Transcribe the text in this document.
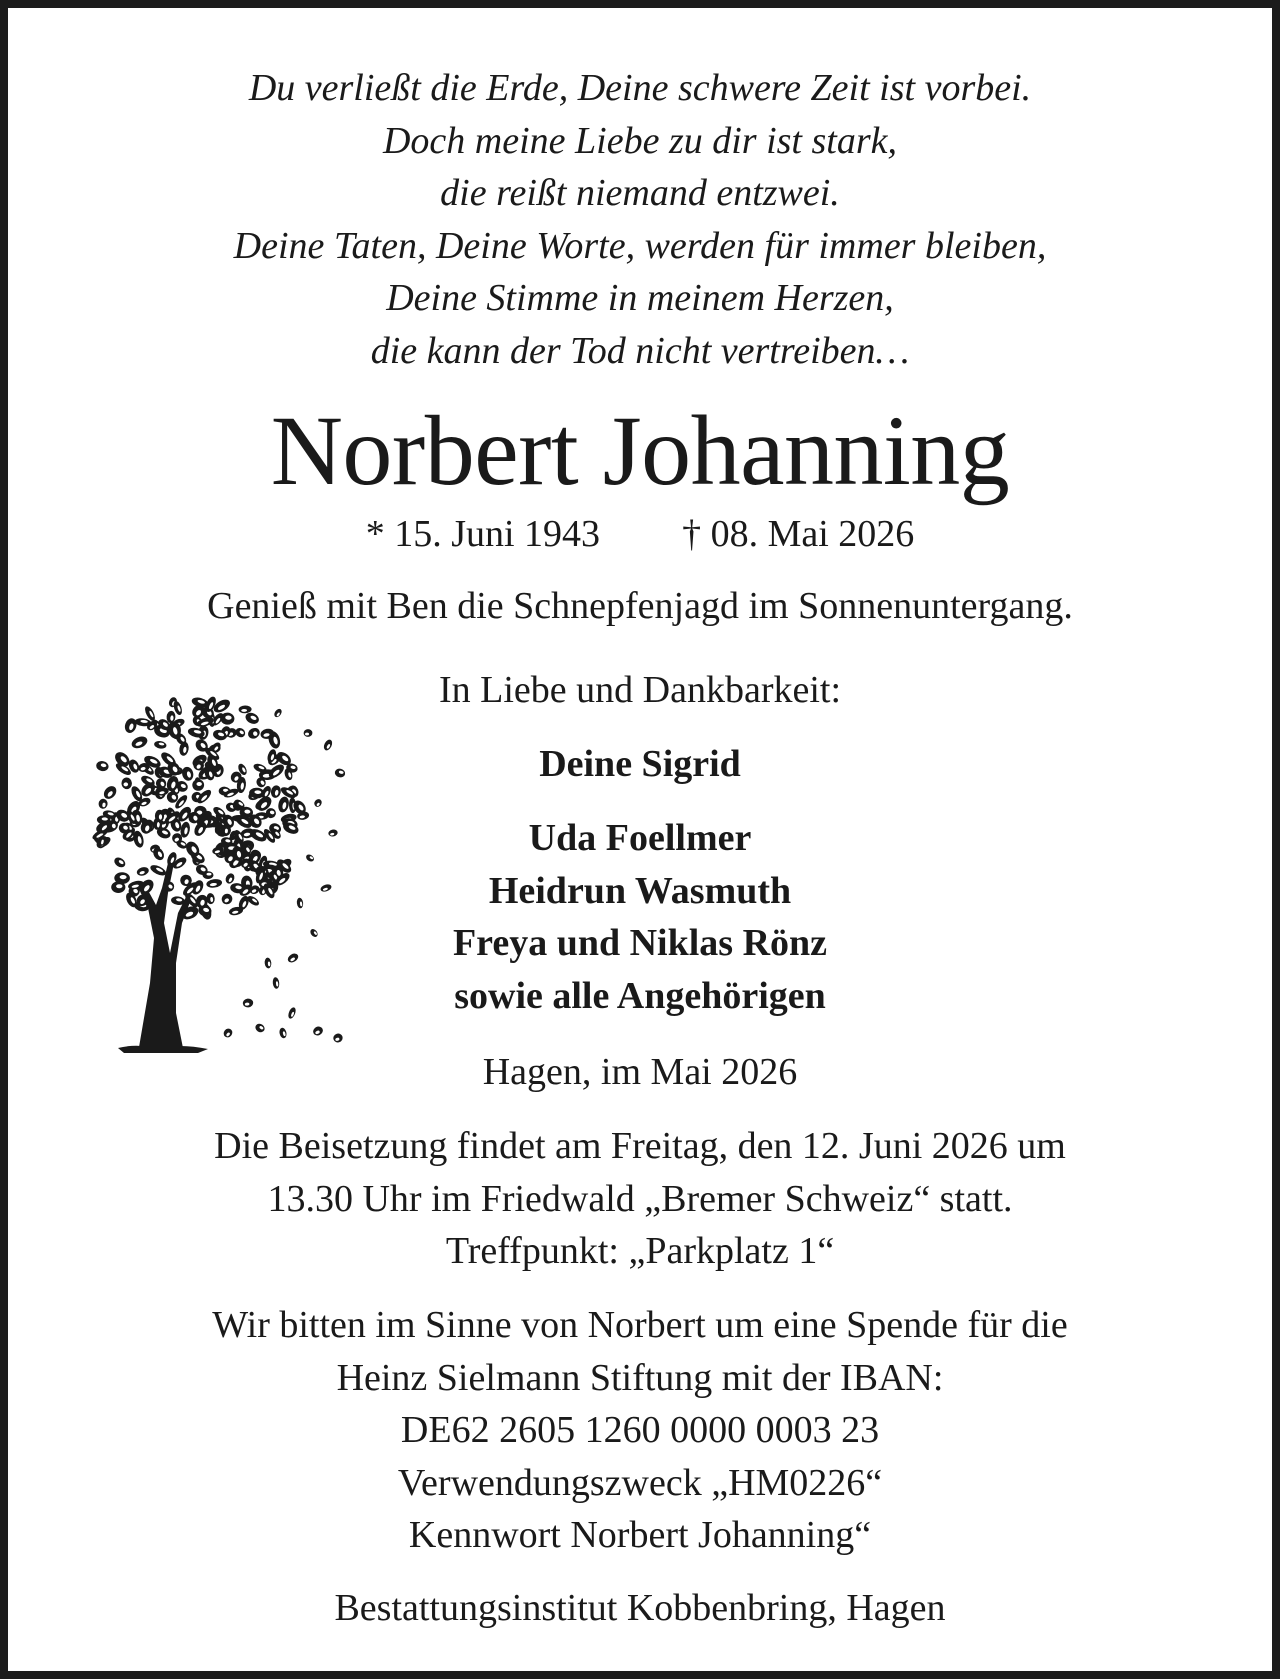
Du verließt die Erde, Deine schwere Zeit ist vorbei.
Doch meine Liebe zu dir ist stark,
die reißt niemand entzwei.
Deine Taten, Deine Worte, werden für immer bleiben,
Deine Stimme in meinem Herzen,
die kann der Tod nicht vertreiben…
Norbert Johanning
* 15. Juni 1943 † 08. Mai 2026
Genieß mit Ben die Schnepfenjagd im Sonnenuntergang.
In Liebe und Dankbarkeit:
Deine Sigrid
Uda Foellmer
Heidrun Wasmuth
Freya und Niklas Rönz
sowie alle Angehörigen
Hagen, im Mai 2026
Die Beisetzung findet am Freitag, den 12. Juni 2026 um
13.30 Uhr im Friedwald „Bremer Schweiz“ statt.
Treffpunkt: „Parkplatz 1“
Wir bitten im Sinne von Norbert um eine Spende für die
Heinz Sielmann Stiftung mit der IBAN:
DE62 2605 1260 0000 0003 23
Verwendungszweck „HM0226“
Kennwort Norbert Johanning“
Bestattungsinstitut Kobbenbring, Hagen
